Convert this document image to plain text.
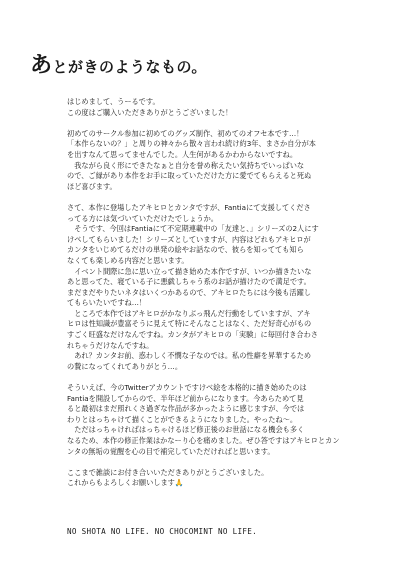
あとがきのようなもの。
はじめまして、うーるです。
この度はご購入いただきありがとうございました！
初めてのサークル参加に初めてのグッズ制作、初めてのオフセ本です…！
「本作らないの？」と周りの神々から散々言われ続け約3年、まさか自分が本
を出すなんて思ってませんでした。人生何があるかわからないですね。
　我ながら良く形にできたなぁと自分を誉め称えたい気持ちでいっぱいな
ので、ご縁があり本作をお手に取っていただけた方に愛でてもらえると死ぬ
ほど喜びます。
さて、本作に登場したアキヒロとカンタですが、Fantiaにて支援してくださ
ってる方には気づいていただけたでしょうか。
　そうです、今回はFantiaにて不定期連載中の「友達と、」シリーズの2人にす
けべしてもらいました！シリーズとしていますが、内容はどれもアキヒロが
カンタをいじめてるだけの単発の絵やお話なので、彼らを知ってても知ら
なくても楽しめる内容だと思います。
　イベント間際に急に思い立って描き始めた本作ですが、いつか描きたいな
あと思ってた、寝ている子に悪戯しちゃう系のお話が描けたので満足です。
まだまだやりたいネタはいくつかあるので、アキヒロたちには今後も活躍し
てもらいたいですね…！
　ところで本作ではアキヒロがかなりぶっ飛んだ行動をしていますが、アキ
ヒロは性知識が豊富そうに見えて特にそんなことはなく、ただ好奇心がもの
すごく旺盛なだけなんですね。カンタがアキヒロの「実験」に毎回付き合わさ
れちゃうだけなんですね。
　あれ？カンタお前、惑わしく不憫な子なのでは。私の性癖を昇華するため
の贄になってくれてありがとう…。
そういえば、今のTwitterアカウントですけべ絵を本格的に描き始めたのは
Fantiaを開設してからので、半年ほど前からになります。今あらためて見
ると最初はまだ照れくさ過ぎな作品が多かったように感じますが、今では
わりとはっちゃけて描くことができるようになりました。やったね〜。
　ただはっちゃければはっちゃけるほど修正後のお世話になる機会も多く
なるため、本作の修正作業はかなーり心を痛めました。ぜひ答ですはアキヒロとカン
ンタの無垢の覚醒を心の目で補完していただければと思います。
ここまで雑談にお付き合いいただきありがとうございました。
これからもよろしくお願いします🙏
NO SHOTA NO LIFE. NO CHOCOMINT NO LIFE.
